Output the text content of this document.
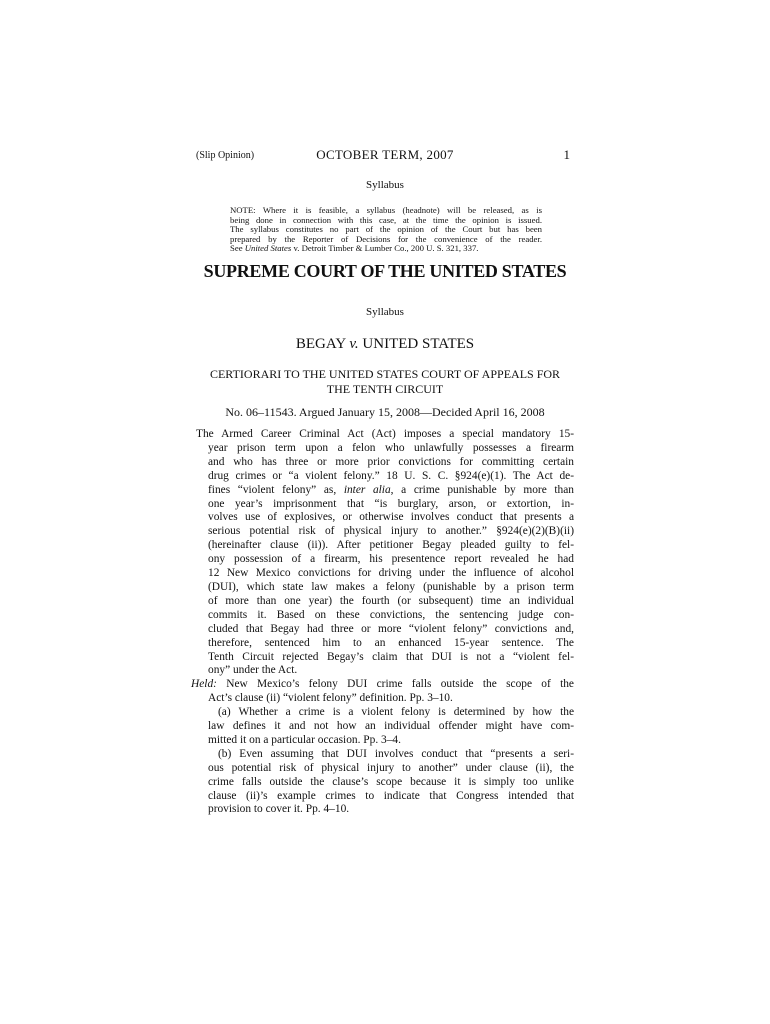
(Slip Opinion)	OCTOBER TERM, 2007	1
Syllabus
NOTE: Where it is feasible, a syllabus (headnote) will be released, as is
being done in connection with this case, at the time the opinion is issued.
The syllabus constitutes no part of the opinion of the Court but has been
prepared by the Reporter of Decisions for the convenience of the reader.
See United States v. Detroit Timber & Lumber Co., 200 U. S. 321, 337.
SUPREME COURT OF THE UNITED STATES
Syllabus
BEGAY v. UNITED STATES
CERTIORARI TO THE UNITED STATES COURT OF APPEALS FOR
THE TENTH CIRCUIT
No. 06–11543. Argued January 15, 2008—Decided April 16, 2008
The Armed Career Criminal Act (Act) imposes a special mandatory 15-
year prison term upon a felon who unlawfully possesses a firearm
and who has three or more prior convictions for committing certain
drug crimes or “a violent felony.” 18 U. S. C. §924(e)(1). The Act de-
fines “violent felony” as, inter alia, a crime punishable by more than
one year’s imprisonment that “is burglary, arson, or extortion, in-
volves use of explosives, or otherwise involves conduct that presents a
serious potential risk of physical injury to another.” §924(e)(2)(B)(ii)
(hereinafter clause (ii)). After petitioner Begay pleaded guilty to fel-
ony possession of a firearm, his presentence report revealed he had
12 New Mexico convictions for driving under the influence of alcohol
(DUI), which state law makes a felony (punishable by a prison term
of more than one year) the fourth (or subsequent) time an individual
commits it. Based on these convictions, the sentencing judge con-
cluded that Begay had three or more “violent felony” convictions and,
therefore, sentenced him to an enhanced 15-year sentence. The
Tenth Circuit rejected Begay’s claim that DUI is not a “violent fel-
ony” under the Act.
Held: New Mexico’s felony DUI crime falls outside the scope of the
Act’s clause (ii) “violent felony” definition. Pp. 3–10.
(a) Whether a crime is a violent felony is determined by how the
law defines it and not how an individual offender might have com-
mitted it on a particular occasion. Pp. 3–4.
(b) Even assuming that DUI involves conduct that “presents a seri-
ous potential risk of physical injury to another” under clause (ii), the
crime falls outside the clause’s scope because it is simply too unlike
clause (ii)’s example crimes to indicate that Congress intended that
provision to cover it. Pp. 4–10.
